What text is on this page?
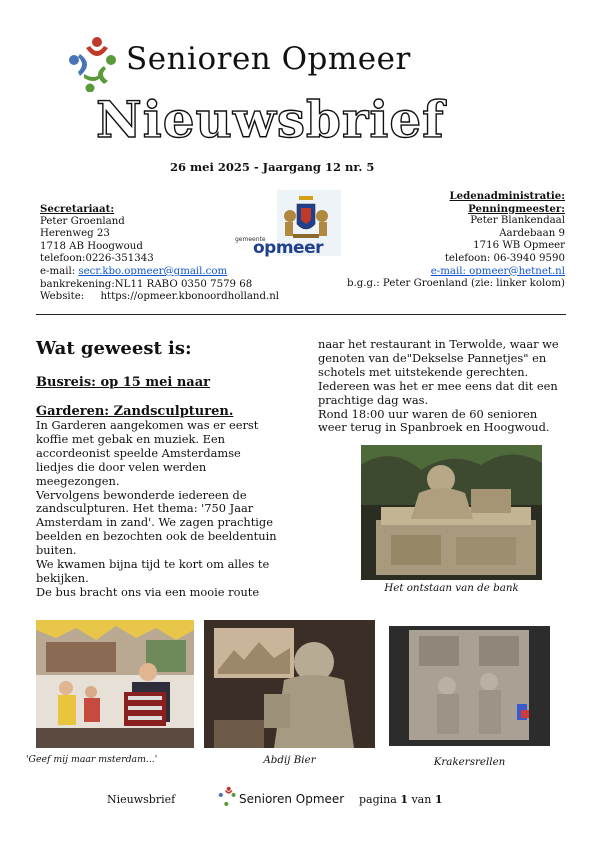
Senioren Opmeer
Nieuwsbrief
26 mei 2025 - Jaargang 12 nr. 5
Secretariaat:
Peter Groenland
Herenweg 23
1718 AB Hoogwoud
telefoon:0226-351343
e-mail: secr.kbo.opmeer@gmail.com
bankrekening:NL11 RABO 0350 7579 68
Website: https://opmeer.kbonoordholland.nl
gemeente
opmeer
Ledenadministratie:
Penningmeester:
Peter Blankendaal
Aardebaan 9
1716 WB Opmeer
telefoon: 06-3940 9590
e-mail: opmeer@hetnet.nl
b.g.g.: Peter Groenland (zie: linker kolom)
Wat geweest is:
Busreis: op 15 mei naar
Garderen: Zandsculpturen.
In Garderen aangekomen was er eerst
koffie met gebak en muziek. Een
accordeonist speelde Amsterdamse
liedjes die door velen werden
meegezongen.
Vervolgens bewonderde iedereen de
zandsculpturen. Het thema: '750 Jaar
Amsterdam in zand'. We zagen prachtige
beelden en bezochten ook de beeldentuin
buiten.
We kwamen bijna tijd te kort om alles te
bekijken.
De bus bracht ons via een mooie route
naar het restaurant in Terwolde, waar we
genoten van de"Dekselse Pannetjes" en
schotels met uitstekende gerechten.
Iedereen was het er mee eens dat dit een
prachtige dag was.
Rond 18:00 uur waren de 60 senioren
weer terug in Spanbroek en Hoogwoud.
Het ontstaan van de bank
'Geef mij maar msterdam...'	Abdij Bier	Krakersrellen
Nieuwsbrief	Senioren Opmeer pagina 1 van 1
